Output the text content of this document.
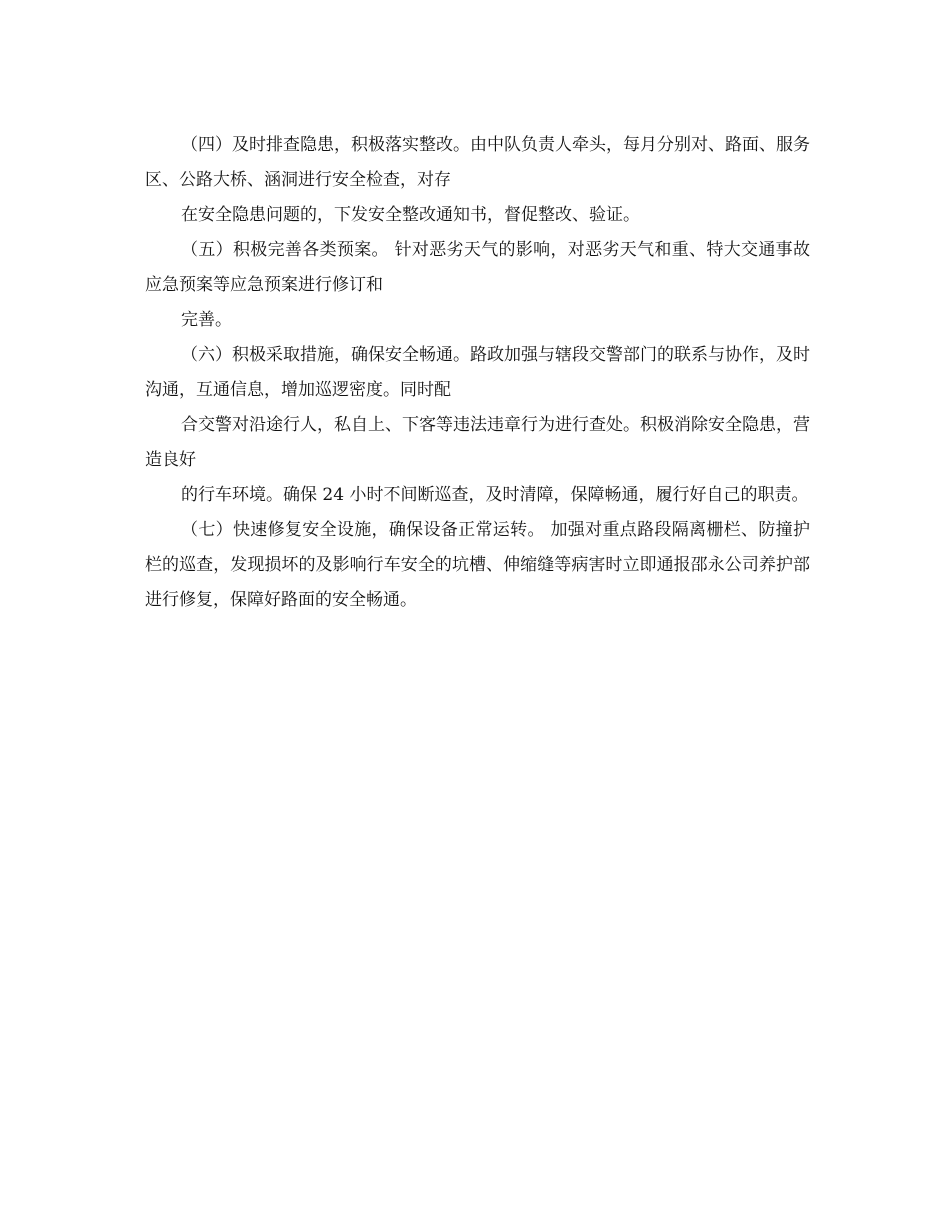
（四）及时排查隐患，积极落实整改。由中队负责人牵头，每月分别对、路面、服务区、公路大桥、涵洞进行安全检查，对存

在安全隐患问题的，下发安全整改通知书，督促整改、验证。

（五）积极完善各类预案。 针对恶劣天气的影响，对恶劣天气和重、特大交通事故应急预案等应急预案进行修订和

完善。

（六）积极采取措施，确保安全畅通。路政加强与辖段交警部门的联系与协作，及时沟通，互通信息，增加巡逻密度。同时配

合交警对沿途行人，私自上、下客等违法违章行为进行查处。积极消除安全隐患，营造良好

的行车环境。确保 24 小时不间断巡查，及时清障，保障畅通，履行好自己的职责。

（七）快速修复安全设施，确保设备正常运转。 加强对重点路段隔离栅栏、防撞护栏的巡查，发现损坏的及影响行车安全的坑槽、伸缩缝等病害时立即通报邵永公司养护部进行修复，保障好路面的安全畅通。
